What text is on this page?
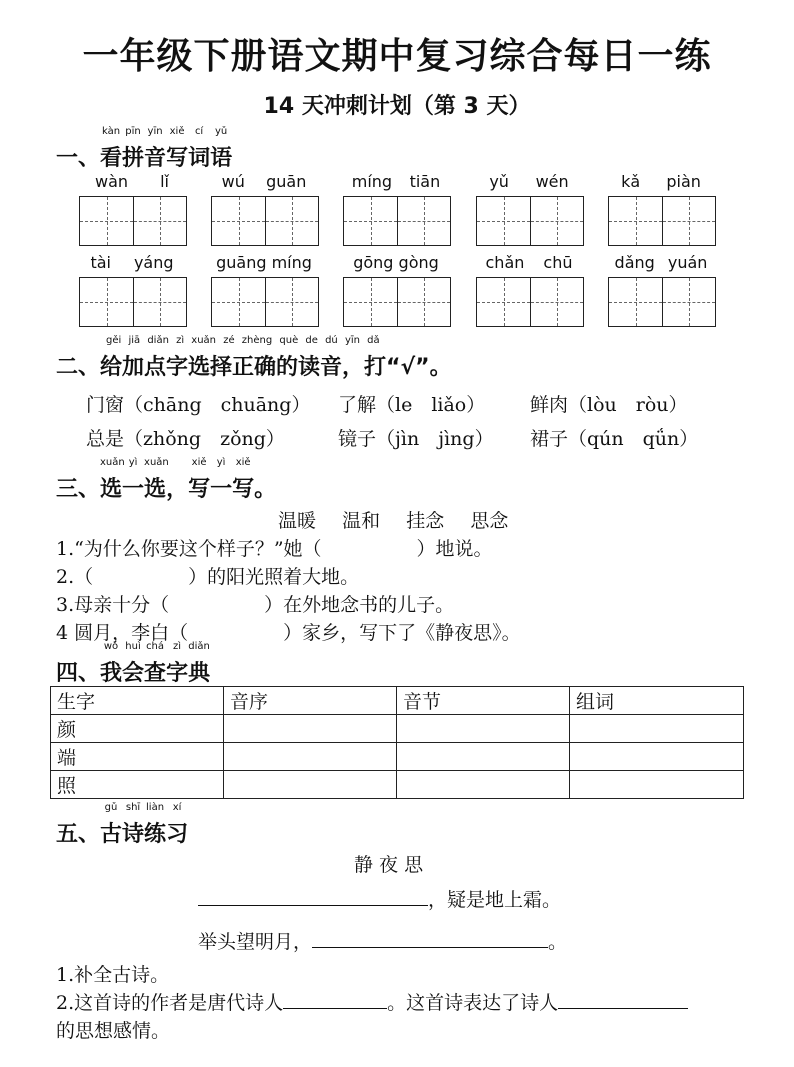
一年级下册语文期中复习综合每日一练
14 天冲刺计划（第 3 天）
一、
kàn
看
pīn
拼
yīn
音
xiě
写
cí
词
yǔ
语
wàn lǐ	wú guān	míng tiān	yǔ wén	kǎ piàn
tài yáng	guāng míng	gōng gòng	chǎn chū	dǎng yuán
gěi jiā diǎn zì xuǎn zé zhèng què de dú yīn dǎ
二、给加点字选择正确的读音，打“√”。
门窗（chāng　chuāng） 了解（le　liǎo） 鲜肉（lòu　ròu）
总是（zhǒng　zǒng）	镜子（jìn　jìng） 裙子（qún　qǘn）
三、
xuǎn
选
yì
一
xuǎn
选，
xiě
写
yì
一
xiě
写。
温暖 温和 挂念 思念
1.“为什么你要这个样子？”她（　　　　　）地说。
2.（　　　　　）的阳光照着大地。
3.母亲十分（　　　　　）在外地念书的儿子。
4 圆月，李白（　　　　　）家乡，写下了《静夜思》。
四、
wǒ
我
huì
会
chá
查
zì
字
diǎn
典
生字	音序	音节	组词
颜			
端			
照			
五、
gǔ
古
shī
诗
liàn
练
xí
习
静 夜 思
，疑是地上霜。
举头望明月，	。
1.补全古诗。
2.这首诗的作者是唐代诗人	。这首诗表达了诗人
的思想感情。
